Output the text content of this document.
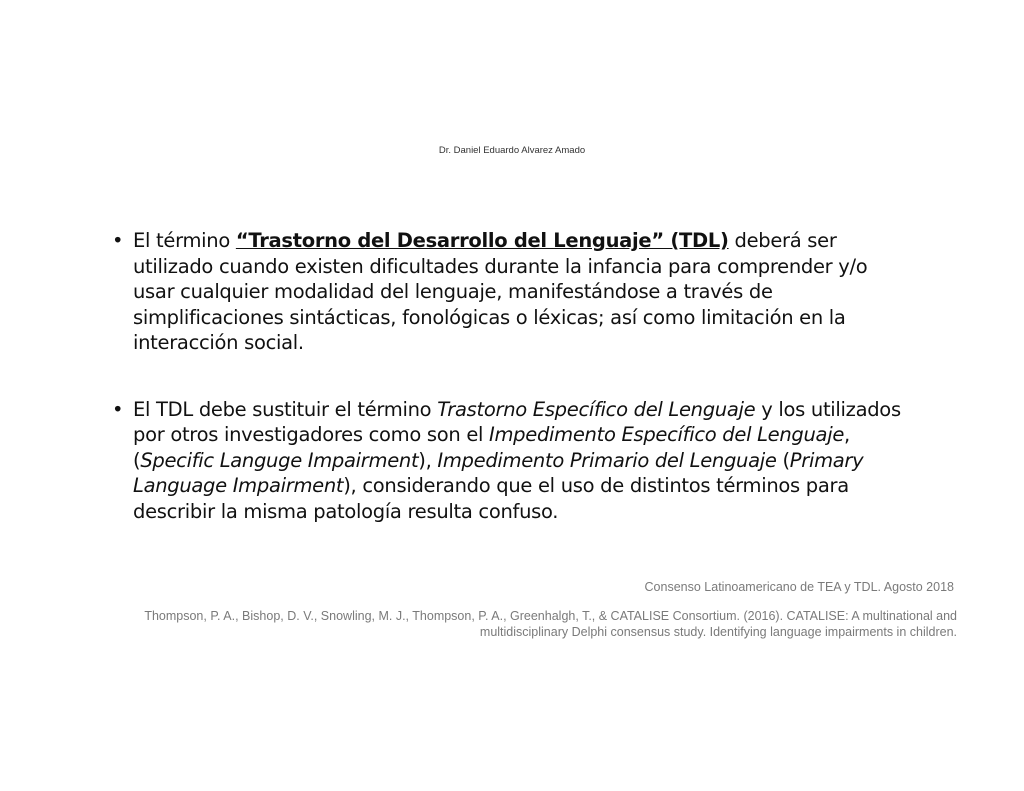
Dr. Daniel Eduardo Alvarez Amado
• El término “Trastorno del Desarrollo del Lenguaje” (TDL) deberá ser utilizado cuando existen dificultades durante la infancia para comprender y/o usar cualquier modalidad del lenguaje, manifestándose a través de simplificaciones sintácticas, fonológicas o léxicas; así como limitación en la interacción social.
• El TDL debe sustituir el término Trastorno Específico del Lenguaje y los utilizados por otros investigadores como son el Impedimento Específico del Lenguaje, (Specific Languge Impairment), Impedimento Primario del Lenguaje (Primary Language Impairment), considerando que el uso de distintos términos para describir la misma patología resulta confuso.
Consenso Latinoamericano de TEA y TDL. Agosto 2018
Thompson, P. A., Bishop, D. V., Snowling, M. J., Thompson, P. A., Greenhalgh, T., & CATALISE Consortium. (2016). CATALISE: A multinational and
multidisciplinary Delphi consensus study. Identifying language impairments in children.
